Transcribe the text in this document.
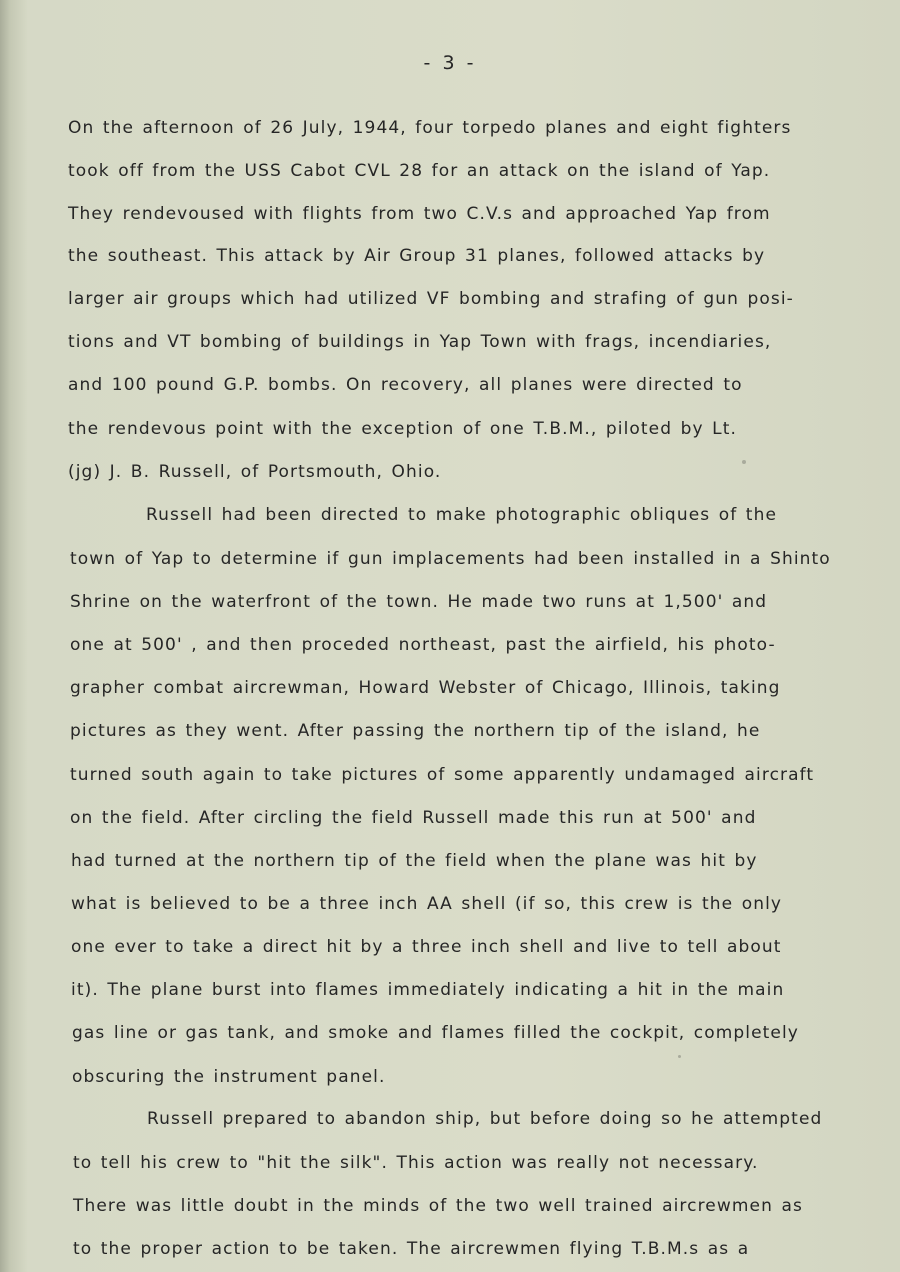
- 3 -
On the afternoon of 26 July, 1944, four torpedo planes and eight fighters
took off from the USS Cabot CVL 28 for an attack on the island of Yap.
They rendevoused with flights from two C.V.s and approached Yap from
the southeast. This attack by Air Group 31 planes, followed attacks by
larger air groups which had utilized VF bombing and strafing of gun posi-
tions and VT bombing of buildings in Yap Town with frags, incendiaries,
and 100 pound G.P. bombs. On recovery, all planes were directed to
the rendevous point with the exception of one T.B.M., piloted by Lt.
(jg) J. B. Russell, of Portsmouth, Ohio.
Russell had been directed to make photographic obliques of the
town of Yap to determine if gun implacements had been installed in a Shinto
Shrine on the waterfront of the town. He made two runs at 1,500' and
one at 500' , and then proceded northeast, past the airfield, his photo-
grapher combat aircrewman, Howard Webster of Chicago, Illinois, taking
pictures as they went. After passing the northern tip of the island, he
turned south again to take pictures of some apparently undamaged aircraft
on the field. After circling the field Russell made this run at 500' and
had turned at the northern tip of the field when the plane was hit by
what is believed to be a three inch AA shell (if so, this crew is the only
one ever to take a direct hit by a three inch shell and live to tell about
it). The plane burst into flames immediately indicating a hit in the main
gas line or gas tank, and smoke and flames filled the cockpit, completely
obscuring the instrument panel.
Russell prepared to abandon ship, but before doing so he attempted
to tell his crew to "hit the silk". This action was really not necessary.
There was little doubt in the minds of the two well trained aircrewmen as
to the proper action to be taken. The aircrewmen flying T.B.M.s as a
